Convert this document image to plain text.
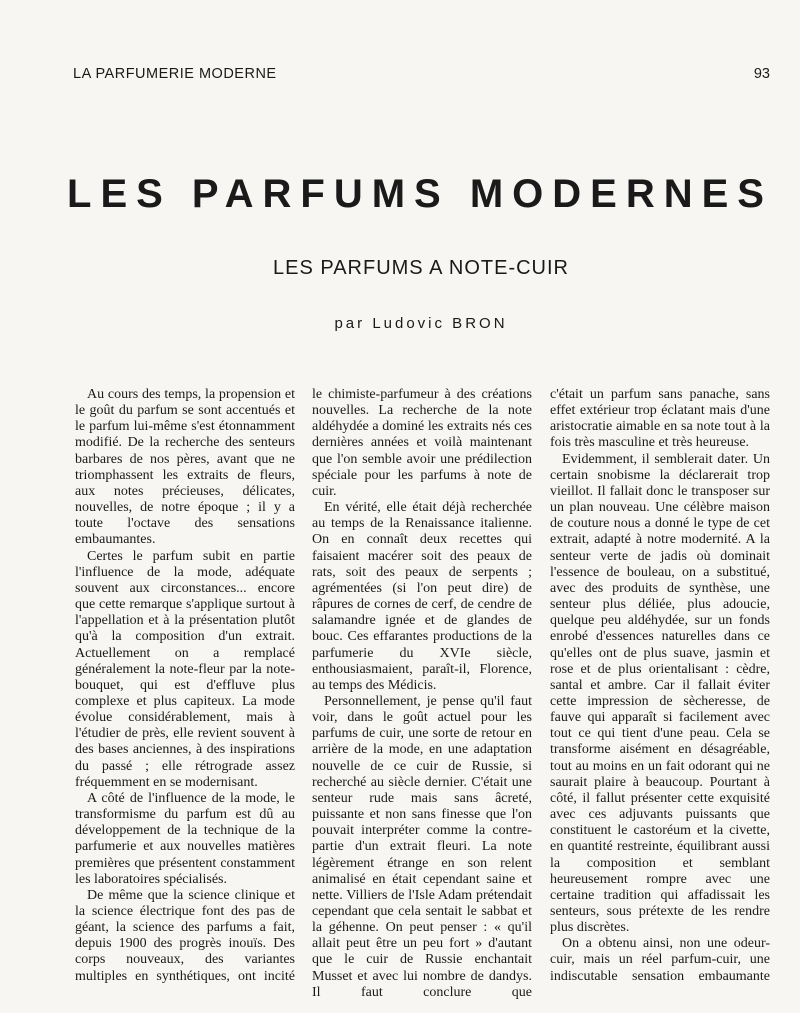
LA PARFUMERIE MODERNE	93
LES PARFUMS MODERNES
LES PARFUMS A NOTE-CUIR
par Ludovic BRON

Au cours des temps, la propension et le goût du parfum se sont accentués et le parfum lui-même s'est étonnamment modifié. De la recherche des senteurs barbares de nos pères, avant que ne triomphassent les extraits de fleurs, aux notes précieuses, délicates, nouvelles, de notre époque ; il y a toute l'octave des sensations embaumantes.

Certes le parfum subit en partie l'influence de la mode, adéquate souvent aux circonstances... encore que cette remarque s'applique surtout à l'appellation et à la présentation plutôt qu'à la composition d'un extrait. Actuellement on a remplacé généralement la note-fleur par la note-bouquet, qui est d'effluve plus complexe et plus capiteux. La mode évolue considérablement, mais à l'étudier de près, elle revient souvent à des bases anciennes, à des inspirations du passé ; elle rétrograde assez fréquemment en se modernisant.

A côté de l'influence de la mode, le transformisme du parfum est dû au développement de la technique de la parfumerie et aux nouvelles matières premières que présentent constamment les laboratoires spécialisés.

De même que la science clinique et la science électrique font des pas de géant, la science des parfums a fait, depuis 1900 des progrès inouïs. Des corps nouveaux, des variantes multiples en synthétiques, ont incité

le chimiste-parfumeur à des créations nouvelles. La recherche de la note aldéhydée a dominé les extraits nés ces dernières années et voilà maintenant que l'on semble avoir une prédilection spéciale pour les parfums à note de cuir.

En vérité, elle était déjà recherchée au temps de la Renaissance italienne. On en connaît deux recettes qui faisaient macérer soit des peaux de rats, soit des peaux de serpents ; agrémentées (si l'on peut dire) de râpures de cornes de cerf, de cendre de salamandre ignée et de glandes de bouc. Ces effarantes productions de la parfumerie du XVIe siècle, enthousiasmaient, paraît-il, Florence, au temps des Médicis.

Personnellement, je pense qu'il faut voir, dans le goût actuel pour les parfums de cuir, une sorte de retour en arrière de la mode, en une adaptation nouvelle de ce cuir de Russie, si recherché au siècle dernier. C'était une senteur rude mais sans âcreté, puissante et non sans finesse que l'on pouvait interpréter comme la contre-partie d'un extrait fleuri. La note légèrement étrange en son relent animalisé en était cependant saine et nette. Villiers de l'Isle Adam prétendait cependant que cela sentait le sabbat et la géhenne. On peut penser : « qu'il allait peut être un peu fort » d'autant que le cuir de Russie enchantait Musset et avec lui nombre de dandys. Il faut conclure que

c'était un parfum sans panache, sans effet extérieur trop éclatant mais d'une aristocratie aimable en sa note tout à la fois très masculine et très heureuse.

Evidemment, il semblerait dater. Un certain snobisme la déclarerait trop vieillot. Il fallait donc le transposer sur un plan nouveau. Une célèbre maison de couture nous a donné le type de cet extrait, adapté à notre modernité. A la senteur verte de jadis où dominait l'essence de bouleau, on a substitué, avec des produits de synthèse, une senteur plus déliée, plus adoucie, quelque peu aldéhydée, sur un fonds enrobé d'essences naturelles dans ce qu'elles ont de plus suave, jasmin et rose et de plus orientalisant : cèdre, santal et ambre. Car il fallait éviter cette impression de sècheresse, de fauve qui apparaît si facilement avec tout ce qui tient d'une peau. Cela se transforme aisément en désagréable, tout au moins en un fait odorant qui ne saurait plaire à beaucoup. Pourtant à côté, il fallut présenter cette exquisité avec ces adjuvants puissants que constituent le castoréum et la civette, en quantité restreinte, équilibrant aussi la composition et semblant heureusement rompre avec une certaine tradition qui affadissait les senteurs, sous prétexte de les rendre plus discrètes.

On a obtenu ainsi, non une odeur-cuir, mais un réel parfum-cuir, une indiscutable sensation embaumante
